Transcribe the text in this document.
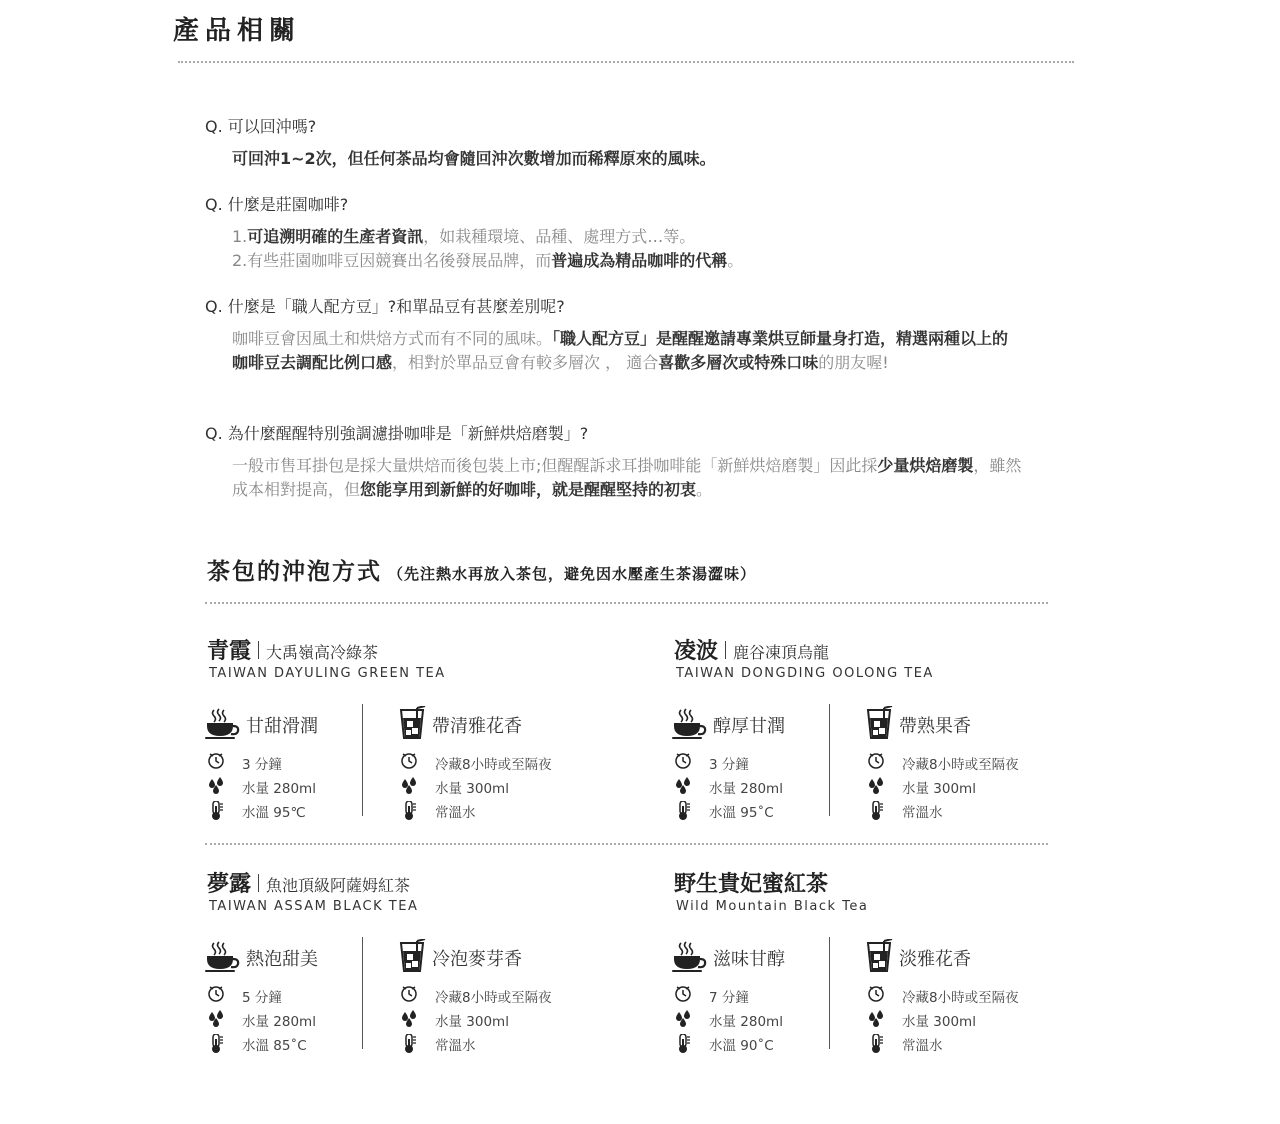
產品相關
Q. 可以回沖嗎?
可回沖1~2次，但任何茶品均會隨回沖次數增加而稀釋原來的風味。
Q. 什麼是莊園咖啡?
1.可追溯明確的生產者資訊，如栽種環境、品種、處理方式…等。
2.有些莊園咖啡豆因競賽出名後發展品牌，而普遍成為精品咖啡的代稱。
Q. 什麼是「職人配方豆」?和單品豆有甚麼差別呢?
咖啡豆會因風土和烘焙方式而有不同的風味。「職人配方豆」是醒醒邀請專業烘豆師量身打造，精選兩種以上的咖啡豆去調配比例口感，相對於單品豆會有較多層次 ， 適合喜歡多層次或特殊口味的朋友喔!
Q. 為什麼醒醒特別強調濾掛咖啡是「新鮮烘焙磨製」?
一般市售耳掛包是採大量烘焙而後包裝上市;但醒醒訴求耳掛咖啡能「新鮮烘焙磨製」因此採少量烘焙磨製，雖然成本相對提高，但您能享用到新鮮的好咖啡，就是醒醒堅持的初衷。
茶包的沖泡方式 （先注熱水再放入茶包，避免因水壓產生茶湯澀味）
青霞 大禹嶺高冷綠茶
TAIWAN DAYULING GREEN TEA
甘甜滑潤
3 分鐘
水量 280ml
水溫 95℃
帶清雅花香
冷藏8小時或至隔夜
水量 300ml
常溫水
凌波 鹿谷凍頂烏龍
TAIWAN DONGDING OOLONG TEA
醇厚甘潤
3 分鐘
水量 280ml
水溫 95˚C
帶熟果香
冷藏8小時或至隔夜
水量 300ml
常溫水
夢露 魚池頂級阿薩姆紅茶
TAIWAN ASSAM BLACK TEA
熱泡甜美
5 分鐘
水量 280ml
水溫 85˚C
冷泡麥芽香
冷藏8小時或至隔夜
水量 300ml
常溫水
野生貴妃蜜紅茶
Wild Mountain Black Tea
滋味甘醇
7 分鐘
水量 280ml
水溫 90˚C
淡雅花香
冷藏8小時或至隔夜
水量 300ml
常溫水
